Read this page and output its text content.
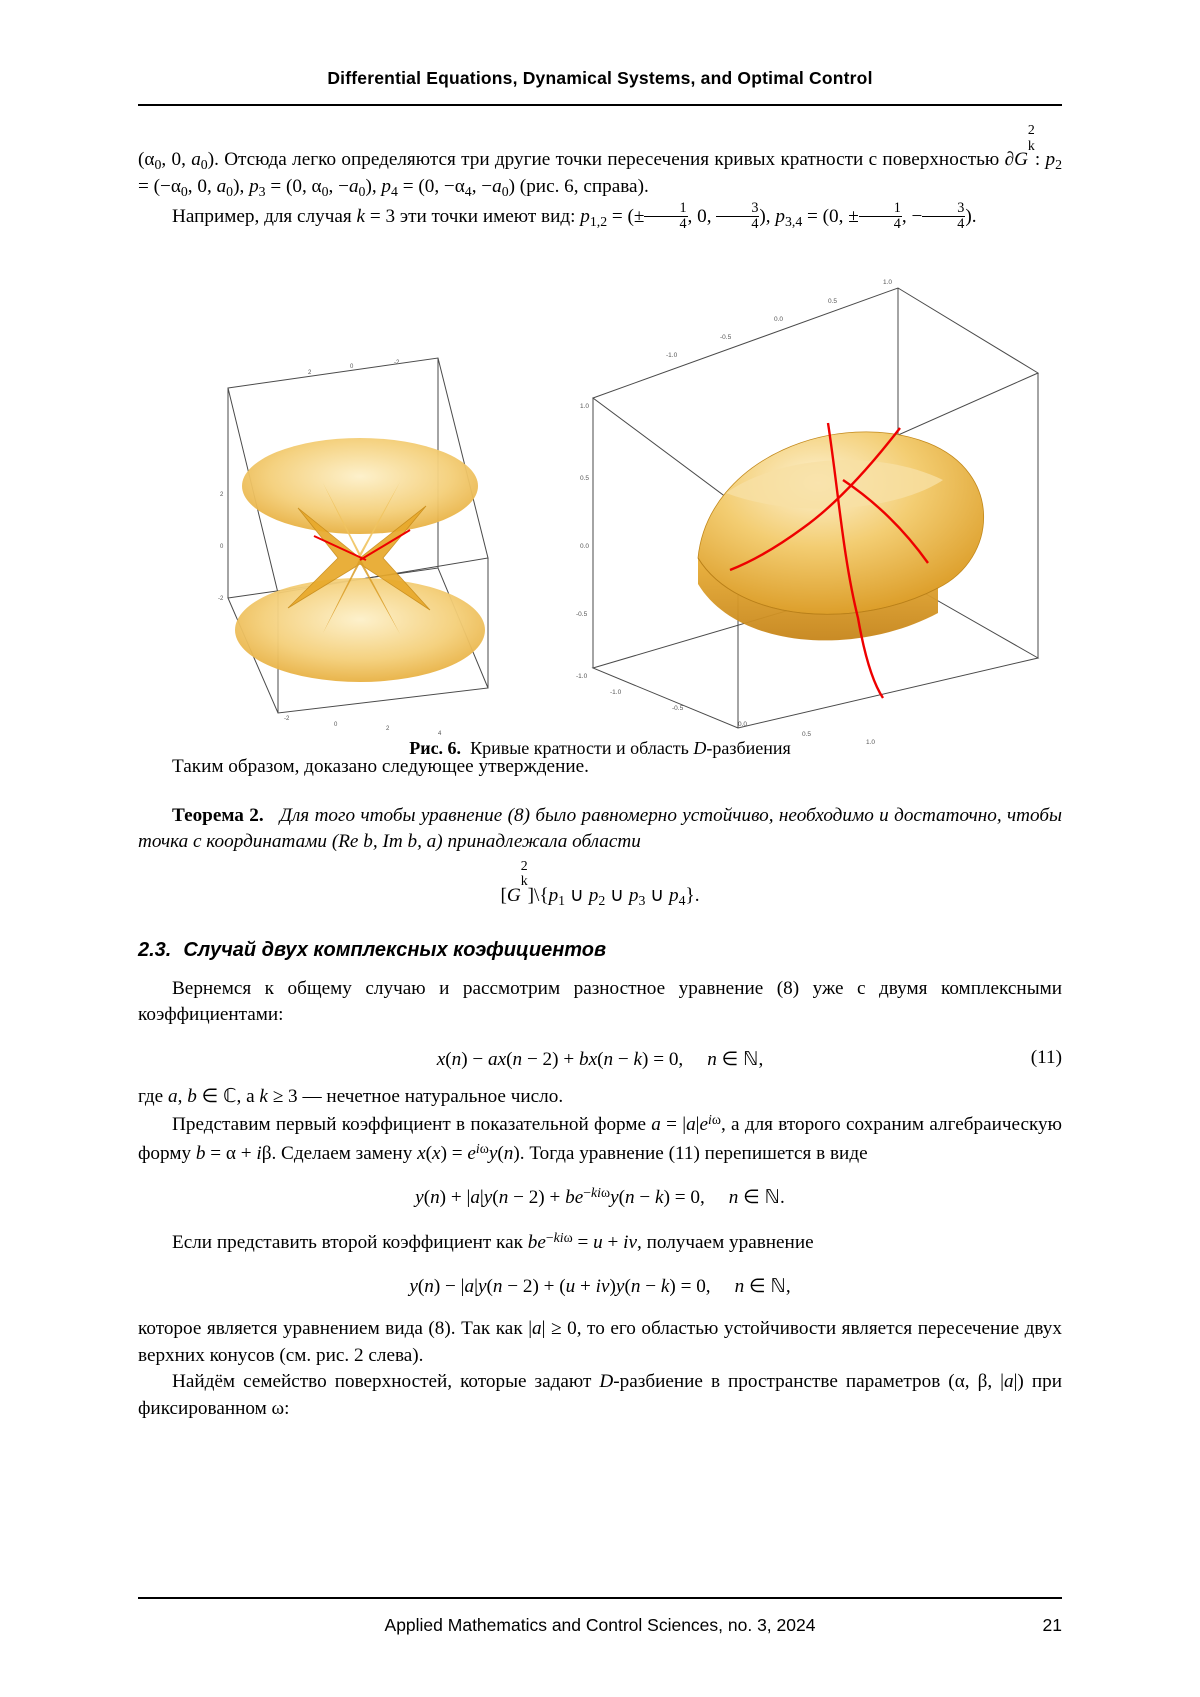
Differential Equations, Dynamical Systems, and Optimal Control

($\alpha_0$, 0, $a_0$). Отсюда легко определяются три другие точки пересечения кривых кратности с поверхностью ∂G
2
k
: $p_2 = (-\alpha_0$, 0, $a_0$), $p_3 = (0$, $\alpha_0$, $-a_0$), $p_4 = (0$, $-\alpha_4$, $-a_0$) (рис. 6, справа).

Например, для случая k = 3 эти точки имеют вид: $p_{1,2}$ = (± $\frac{1}{4}$ , 0, $\frac{3}{4}$ ), $p_{3,4} = (0$, ± $\frac{1}{4}$ , − $\frac{3}{4}$ ).

-2
0
2
4
-2
0
2
-2
0
2
1.0
0.5
0.0
-0.5
-1.0
1.0
0.5
0.0
-0.5
-1.0
-1.0
-0.5
0.0
0.5
1.0
Рис. 6.  Кривые кратности и область D-разбиения

Таким образом, доказано следующее утверждение.

Теорема 2.   Для того чтобы уравнение (8) было равномерно устойчиво, необходимо и достаточно, чтобы точка с координатами (Re b, Im b, a) принадлежала области

[G
2
k
]$\backslash\{p_1$ ∪ $p_2$ ∪ $p_3$ ∪ $p_4$}.
2.3. Случай двух комплексных коэфициентов

Вернемся к общему случаю и рассмотрим разностное уравнение (8) уже с двумя комплексными коэффициентами:

x(n) − ax(n − 2) + bx(n − k) = 0,     n ∈ ℕ,	(11)

где a, b ∈ ℂ, а k ≥ 3 — нечетное натуральное число.

Представим первый коэффициент в показательной форме $a = |a|e^{i\omega}$, а для второго сохраним алгебраическую форму b = α + iβ. Сделаем замену $x(x) = e^{i\omega}y(n)$. Тогда уравнение (11) перепишется в виде

$y(n) + |a|y(n - 2) + be^{-ki\omega}y(n - k) = 0$,     n ∈ ℕ.

Если представить второй коэффициент как $be^{-ki\omega} = u$ + iv, получаем уравнение

y(n) − |a|y(n − 2) + (u + iv)y(n − k) = 0,     n ∈ ℕ,

которое является уравнением вида (8). Так как |a| ≥ 0, то его областью устойчивости является пересечение двух верхних конусов (см. рис. 2 слева).

Найдём семейство поверхностей, которые задают D-разбиение в пространстве параметров (α, β, |a|) при фиксированном ω:

Applied Mathematics and Control Sciences, no. 3, 2024	21
